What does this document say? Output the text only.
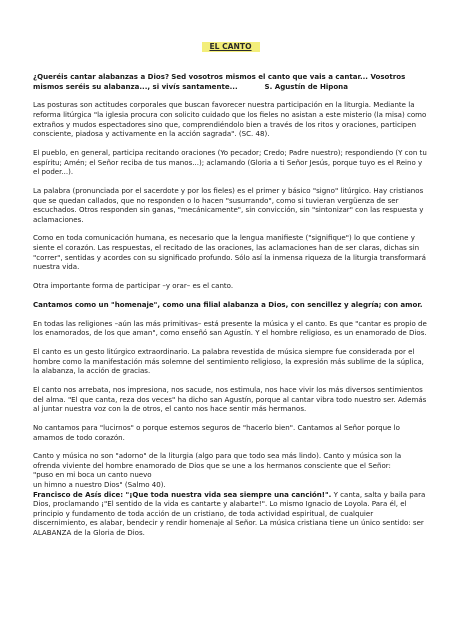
EL CANTO

¿Queréis cantar alabanzas a Dios? Sed vosotros mismos el canto que vais a cantar... Vosotros mismos seréis su alabanza..., si vivís santamente...	S. Agustín de Hipona

Las posturas son actitudes corporales que buscan favorecer nuestra participación en la liturgia. Mediante la reforma litúrgica "la iglesia procura con solicito cuidado que los fieles no asistan a este misterio (la misa) como extraños y mudos espectadores sino que, comprendiéndolo bien a través de los ritos y oraciones, participen consciente, piadosa y activamente en la acción sagrada". (SC. 48).

El pueblo, en general, participa recitando oraciones (Yo pecador; Credo; Padre nuestro); respondiendo (Y con tu espíritu; Amén; el Señor reciba de tus manos...); aclamando (Gloria a ti Señor Jesús, porque tuyo es el Reino y el poder...).

La palabra (pronunciada por el sacerdote y por los fieles) es el primer y básico "signo" litúrgico. Hay cristianos que se quedan callados, que no responden o lo hacen "susurrando", como si tuvieran vergüenza de ser escuchados. Otros responden sin ganas, "mecánicamente", sin convicción, sin "sintonizar" con las respuesta y aclamaciones.

Como en toda comunicación humana, es necesario que la lengua manifieste ("signifique") lo que contiene y siente el corazón. Las respuestas, el recitado de las oraciones, las aclamaciones han de ser claras, dichas sin "correr", sentidas y acordes con su significado profundo. Sólo así la inmensa riqueza de la liturgia transformará nuestra vida.

Otra importante forma de participar –y orar– es el canto.

Cantamos como un "homenaje", como una filial alabanza a Dios, con sencillez y alegría; con amor.

En todas las religiones –aún las más primitivas– está presente la música y el canto. Es que "cantar es propio de los enamorados, de los que aman", como enseñó san Agustín. Y el hombre religioso, es un enamorado de Dios.

El canto es un gesto litúrgico extraordinario. La palabra revestida de música siempre fue considerada por el hombre como la manifestación más solemne del sentimiento religioso, la expresión más sublime de la súplica, la alabanza, la acción de gracias.

El canto nos arrebata, nos impresiona, nos sacude, nos estimula, nos hace vivir los más diversos sentimientos del alma. "El que canta, reza dos veces" ha dicho san Agustín, porque al cantar vibra todo nuestro ser. Además al juntar nuestra voz con la de otros, el canto nos hace sentir más hermanos.

No cantamos para "lucirnos" o porque estemos seguros de "hacerlo bien". Cantamos al Señor porque lo amamos de todo corazón.

Canto y música no son "adorno" de la liturgia (algo para que todo sea más lindo). Canto y música son la ofrenda viviente del hombre enamorado de Dios que se une a los hermanos consciente que el Señor:
"puso en mi boca un canto nuevo
un himno a nuestro Dios" (Salmo 40).
Francisco de Asís dice: "¡Que toda nuestra vida sea siempre una canción!". Y canta, salta y baila para Dios, proclamando ¡"El sentido de la vida es cantarte y alabarte!". Lo mismo Ignacio de Loyola. Para él, el principio y fundamento de toda acción de un cristiano, de toda actividad espiritual, de cualquier discernimiento, es alabar, bendecir y rendir homenaje al Señor. La música cristiana tiene un único sentido: ser ALABANZA de la Gloria de Dios.
